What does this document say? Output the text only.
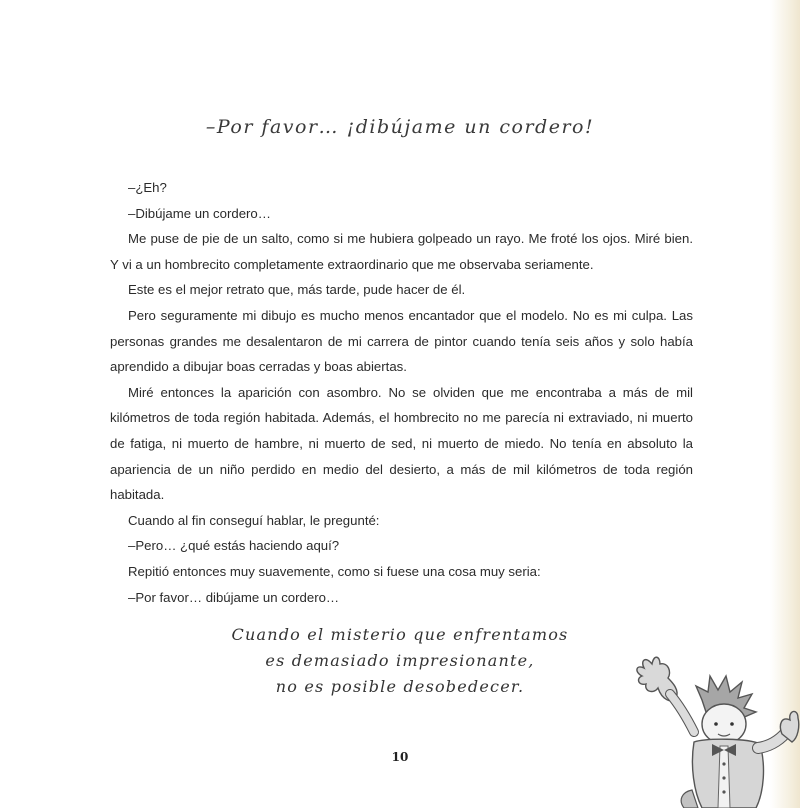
–Por favor… ¡dibújame un cordero!

–¿Eh?

–Dibújame un cordero…

Me puse de pie de un salto, como si me hubiera golpeado un rayo. Me froté los ojos. Miré bien. Y vi a un hombrecito completamente extraordinario que me observaba seriamente.

Este es el mejor retrato que, más tarde, pude hacer de él.

Pero seguramente mi dibujo es mucho menos encantador que el modelo. No es mi culpa. Las personas grandes me desalentaron de mi carrera de pintor cuando tenía seis años y solo había aprendido a dibujar boas cerradas y boas abiertas.

Miré entonces la aparición con asombro. No se olviden que me encontraba a más de mil kilómetros de toda región habitada. Además, el hombrecito no me parecía ni extraviado, ni muerto de fatiga, ni muerto de hambre, ni muerto de sed, ni muerto de miedo. No tenía en absoluto la apariencia de un niño perdido en medio del desierto, a más de mil kilómetros de toda región habitada.

Cuando al fin conseguí hablar, le pregunté:

–Pero… ¿qué estás haciendo aquí?

Repitió entonces muy suavemente, como si fuese una cosa muy seria:

–Por favor… dibújame un cordero…

Cuando el misterio que enfrentamos
es demasiado impresionante,
no es posible desobedecer.
10
